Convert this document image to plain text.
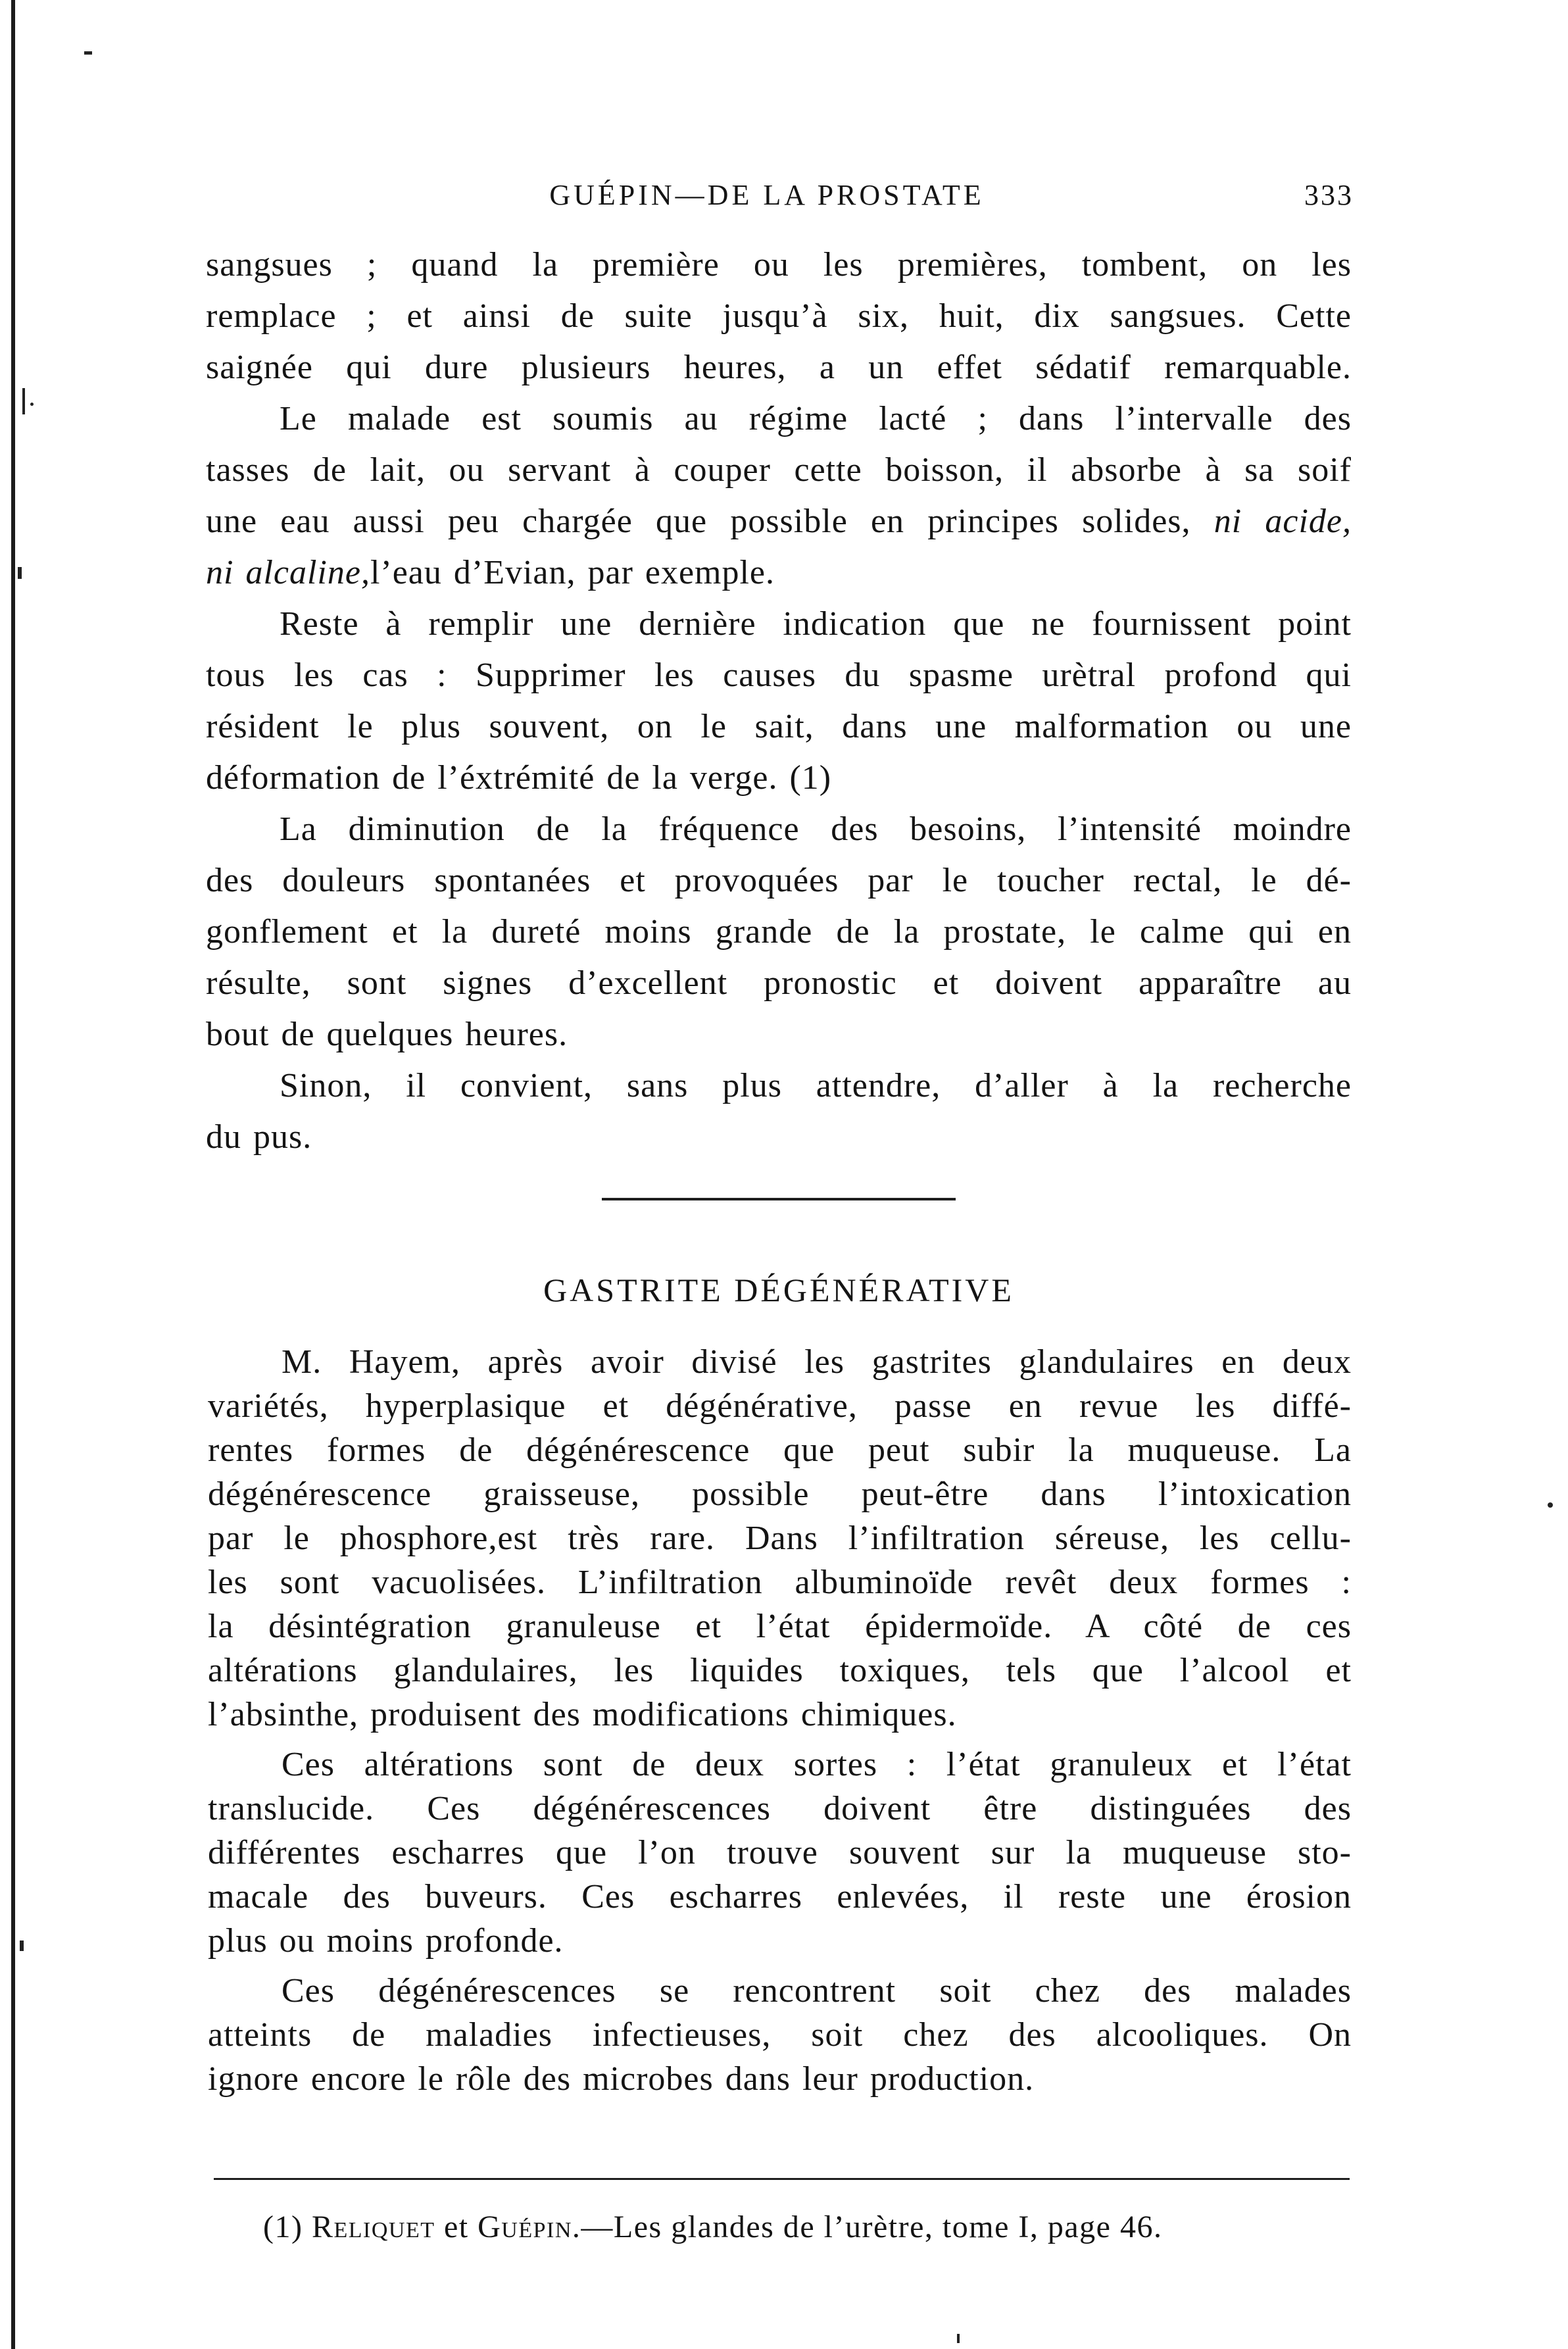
GUÉPIN—DE LA PROSTATE	333
sangsues ; quand la première ou les premières, tombent, on les
remplace ; et ainsi de suite jusqu’à six, huit, dix sangsues. Cette
saignée qui dure plusieurs heures, a un effet sédatif remarquable.
Le malade est soumis au régime lacté ; dans l’intervalle des
tasses de lait, ou servant à couper cette boisson, il absorbe à sa soif
une eau aussi peu chargée que possible en principes solides, ni acide,
ni alcaline,l’eau d’Evian, par exemple.
Reste à remplir une dernière indication que ne fournissent point
tous les cas : Supprimer les causes du spasme urètral profond qui
résident le plus souvent, on le sait, dans une malformation ou une
déformation de l’éxtrémité de la verge. (1)
La diminution de la fréquence des besoins, l’intensité moindre
des douleurs spontanées et provoquées par le toucher rectal, le dé-
gonflement et la dureté moins grande de la prostate, le calme qui en
résulte, sont signes d’excellent pronostic et doivent apparaître au
bout de quelques heures.
Sinon, il convient, sans plus attendre, d’aller à la recherche
du pus.
GASTRITE DÉGÉNÉRATIVE
M. Hayem, après avoir divisé les gastrites glandulaires en deux
variétés, hyperplasique et dégénérative, passe en revue les diffé-
rentes formes de dégénérescence que peut subir la muqueuse. La
dégénérescence graisseuse, possible peut-être dans l’intoxication
par le phosphore,est très rare. Dans l’infiltration séreuse, les cellu-
les sont vacuolisées. L’infiltration albuminoïde revêt deux formes :
la désintégration granuleuse et l’état épidermoïde. A côté de ces
altérations glandulaires, les liquides toxiques, tels que l’alcool et
l’absinthe, produisent des modifications chimiques.
Ces altérations sont de deux sortes : l’état granuleux et l’état
translucide. Ces dégénérescences doivent être distinguées des
différentes escharres que l’on trouve souvent sur la muqueuse sto-
macale des buveurs. Ces escharres enlevées, il reste une érosion
plus ou moins profonde.
Ces dégénérescences se rencontrent soit chez des malades
atteints de maladies infectieuses, soit chez des alcooliques. On
ignore encore le rôle des microbes dans leur production.
(1) Reliquet et Guépin.—Les glandes de l’urètre, tome I, page 46.
